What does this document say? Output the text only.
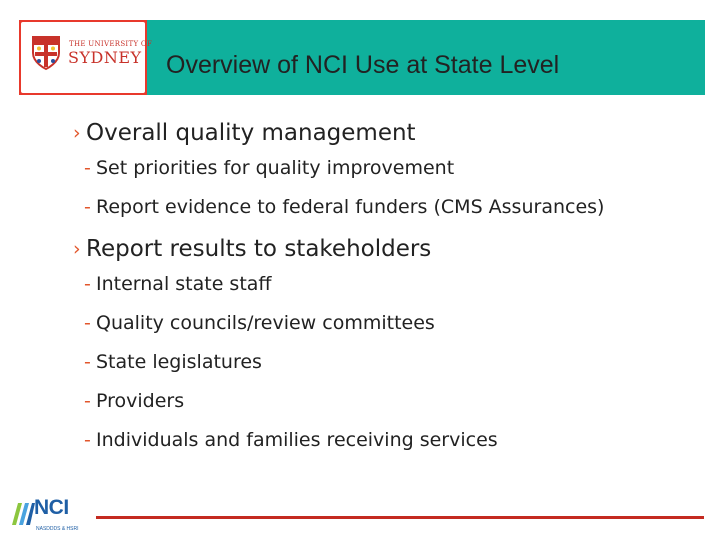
THE UNIVERSITY OF
SYDNEY Overview of NCI Use at State Level
› Overall quality management
- Set priorities for quality improvement
- Report evidence to federal funders (CMS Assurances)
› Report results to stakeholders
- Internal state staff
- Quality councils/review committees
- State legislatures
- Providers
- Individuals and families receiving services
NCI
NASDDDS & HSRI
